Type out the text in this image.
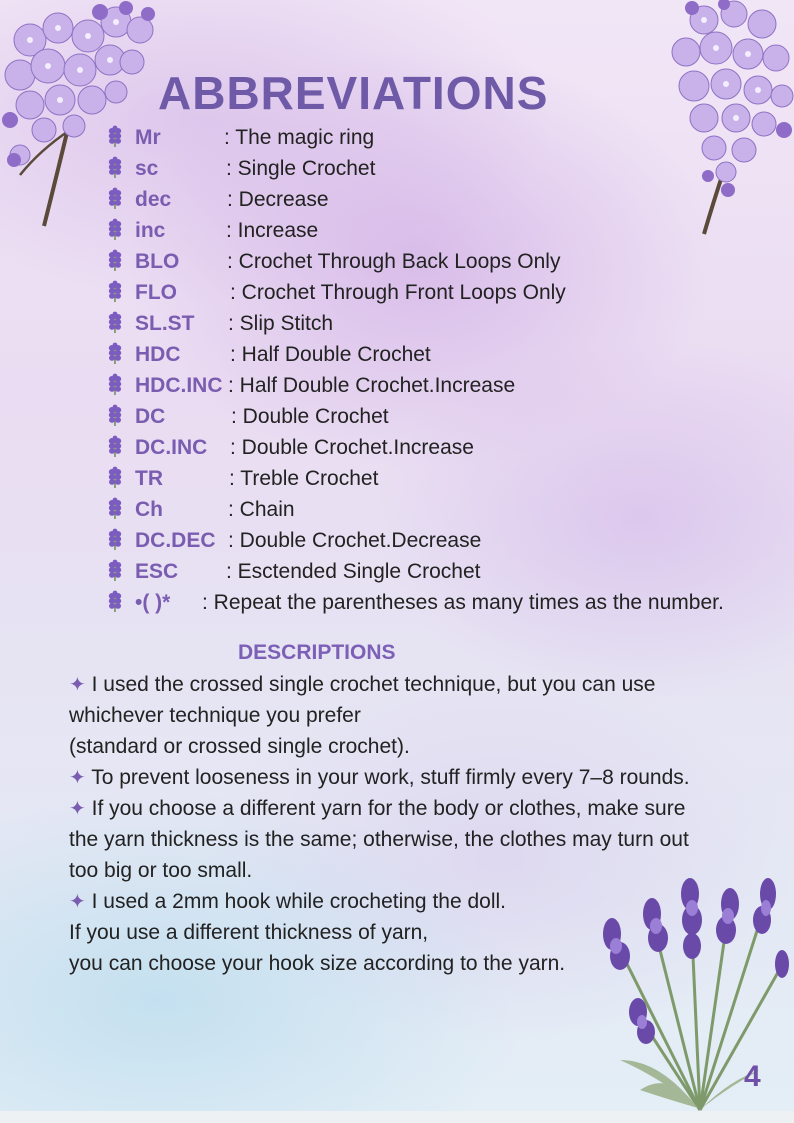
ABBREVIATIONS
Mr	: The magic ring
sc	: Single Crochet
dec	: Decrease
inc	: Increase
BLO : Crochet Through Back Loops Only
FLO	: Crochet Through Front Loops Only
SL.ST : Slip Stitch
HDC : Half Double Crochet
HDC.INC : Half Double Crochet.Increase
DC	: Double Crochet
DC.INC : Double Crochet.Increase
TR	: Treble Crochet
Ch	: Chain
DC.DEC : Double Crochet.Decrease
ESC : Esctended Single Crochet
•( )* : Repeat the parentheses as many times as the number.
DESCRIPTIONS
✦ I used the crossed single crochet technique, but you can use
whichever technique you prefer
(standard or crossed single crochet).
✦ To prevent looseness in your work, stuff firmly every 7–8 rounds.
✦ If you choose a different yarn for the body or clothes, make sure
the yarn thickness is the same; otherwise, the clothes may turn out
too big or too small.
✦ I used a 2mm hook while crocheting the doll.
If you use a different thickness of yarn,
you can choose your hook size according to the yarn.
4
